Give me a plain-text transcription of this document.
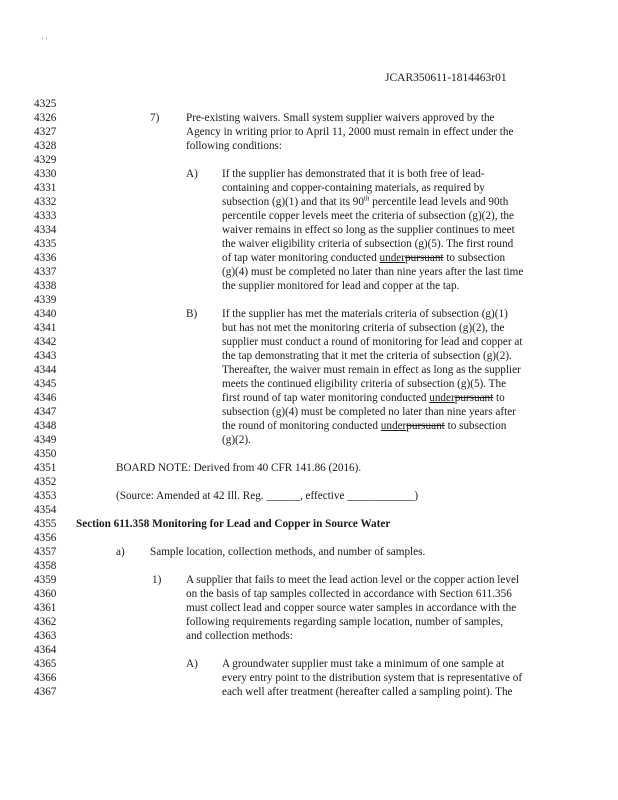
' '
JCAR350611-1814463r01
4325
4326	7) Pre-existing waivers. Small system supplier waivers approved by the
4327	Agency in writing prior to April 11, 2000 must remain in effect under the
4328	following conditions:
4329
4330	A) If the supplier has demonstrated that it is both free of lead-
4331	containing and copper-containing materials, as required by
4332	subsection (g)(1) and that its 90th percentile lead levels and 90th
4333	percentile copper levels meet the criteria of subsection (g)(2), the
4334	waiver remains in effect so long as the supplier continues to meet
4335	the waiver eligibility criteria of subsection (g)(5). The first round
4336	of tap water monitoring conducted underpursuant to subsection
4337	(g)(4) must be completed no later than nine years after the last time
4338	the supplier monitored for lead and copper at the tap.
4339
4340	B) If the supplier has met the materials criteria of subsection (g)(1)
4341	but has not met the monitoring criteria of subsection (g)(2), the
4342	supplier must conduct a round of monitoring for lead and copper at
4343	the tap demonstrating that it met the criteria of subsection (g)(2).
4344	Thereafter, the waiver must remain in effect as long as the supplier
4345	meets the continued eligibility criteria of subsection (g)(5). The
4346	first round of tap water monitoring conducted underpursuant to
4347	subsection (g)(4) must be completed no later than nine years after
4348	the round of monitoring conducted underpursuant to subsection
4349	(g)(2).
4350
4351	BOARD NOTE: Derived from 40 CFR 141.86 (2016).
4352
4353	(Source: Amended at 42 Ill. Reg. ______, effective ____________)
4354
4355	Section 611.358 Monitoring for Lead and Copper in Source Water
4356
4357	a) Sample location, collection methods, and number of samples.
4358
4359	1) A supplier that fails to meet the lead action level or the copper action level
4360	on the basis of tap samples collected in accordance with Section 611.356
4361	must collect lead and copper source water samples in accordance with the
4362	following requirements regarding sample location, number of samples,
4363	and collection methods:
4364
4365	A) A groundwater supplier must take a minimum of one sample at
4366	every entry point to the distribution system that is representative of
4367	each well after treatment (hereafter called a sampling point). The
